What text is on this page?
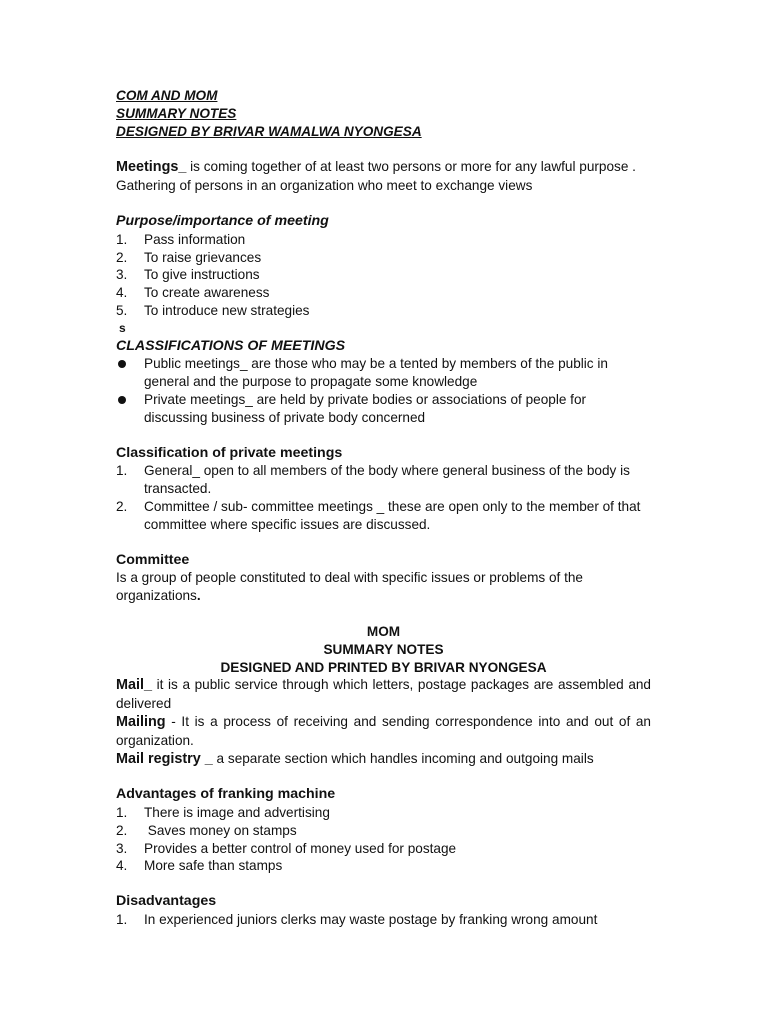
COM AND MOM

SUMMARY NOTES

DESIGNED BY BRIVAR WAMALWA NYONGESA

Meetings_ is coming together of at least two persons or more for any lawful purpose . Gathering of persons in an organization who meet to exchange views

Purpose/importance of meeting

1. Pass information
2. To raise grievances
3. To give instructions
4. To create awareness
5. To introduce new strategies

s

CLASSIFICATIONS OF MEETINGS

Public meetings_ are those who may be a tented by members of the public in general and the purpose to propagate some knowledge
Private meetings_ are held by private bodies or associations of people for discussing business of private body concerned

Classification of private meetings

1. General_ open to all members of the body where general business of the body is transacted.
2. Committee / sub- committee meetings _ these are open only to the member of that committee where specific issues are discussed.

Committee

Is a group of people constituted to deal with specific issues or problems of the organizations.

MOM

SUMMARY NOTES

DESIGNED AND PRINTED BY BRIVAR NYONGESA

Mail_ it is a public service through which letters, postage packages are assembled and delivered

Mailing - It is a process of receiving and sending correspondence into and out of an organization.

Mail registry _ a separate section which handles incoming and outgoing mails

Advantages of franking machine

1. There is image and advertising
2. Saves money on stamps
3. Provides a better control of money used for postage
4. More safe than stamps

Disadvantages

1. In experienced juniors clerks may waste postage by franking wrong amount
